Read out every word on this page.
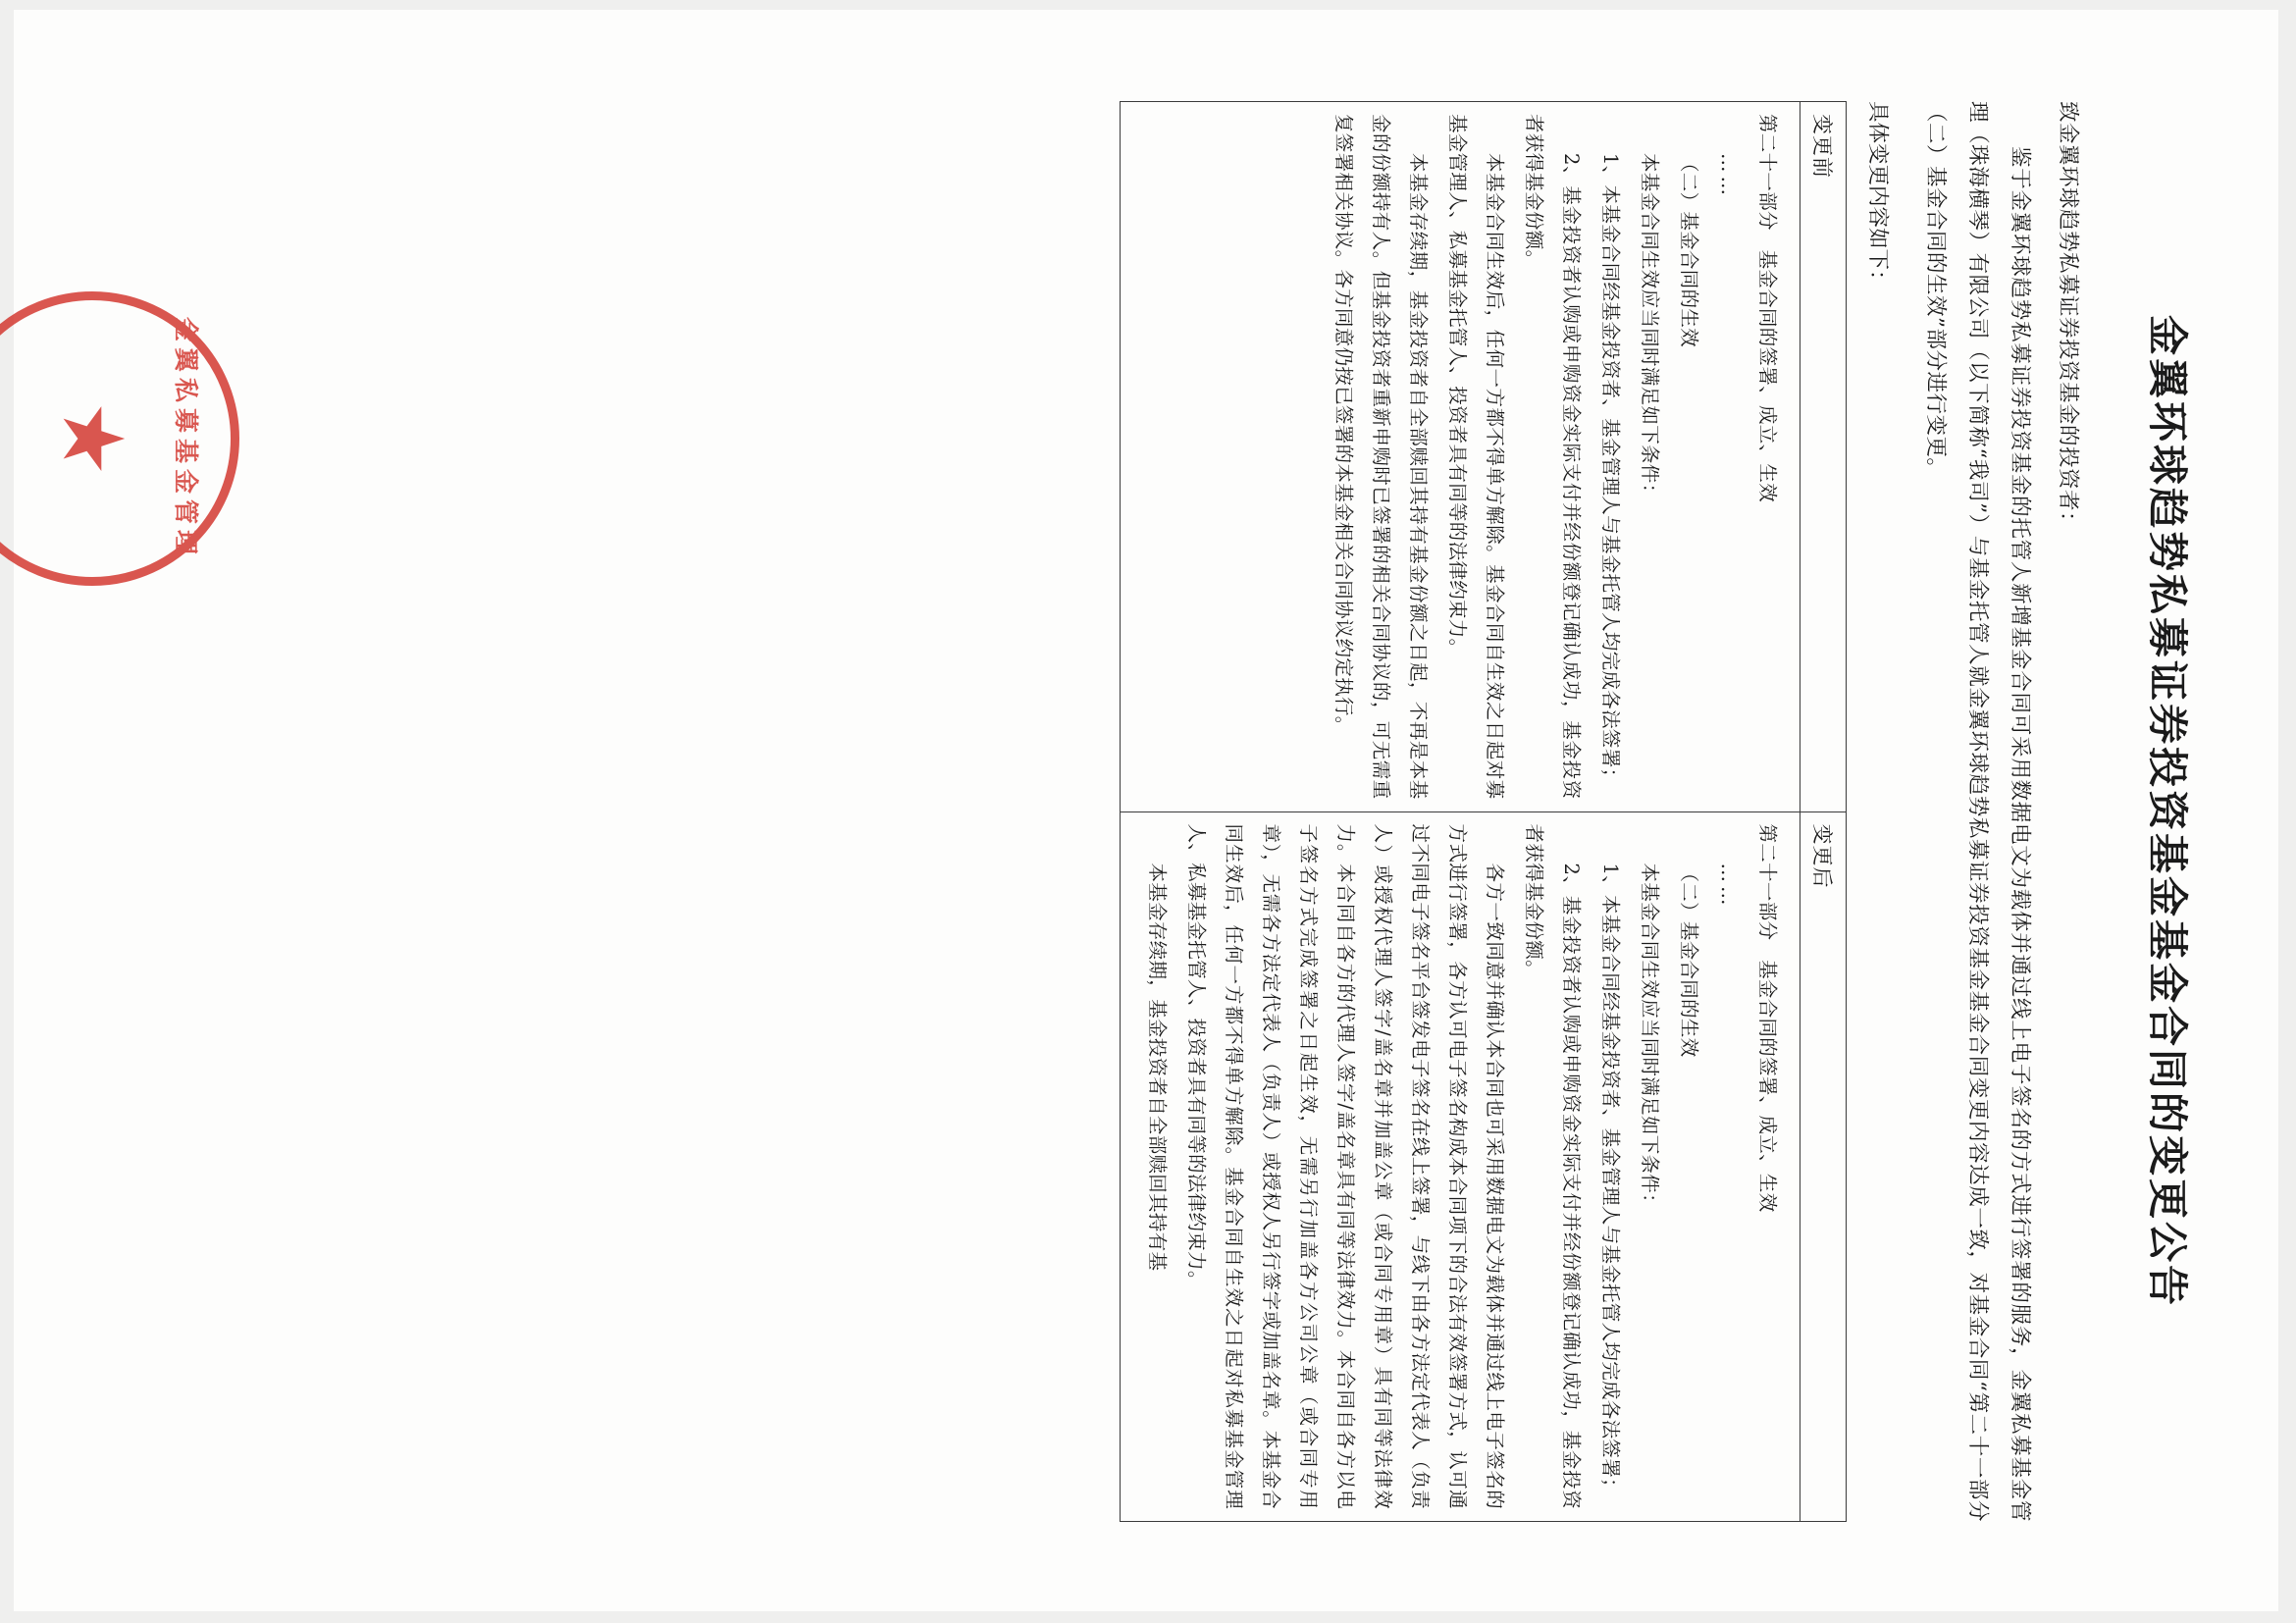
金翼环球趋势私募证券投资基金基金合同的变更公告

致金翼环球趋势私募证券投资基金的投资者：

鉴于金翼环球趋势私募证券投资基金的托管人新增基金合同可采用数据电文为载体并通过线上电子签名的方式进行签署的服务，金翼私募基金管理（珠海横琴）有限公司（以下简称“我司”）与基金托管人就金翼环球趋势私募证券投资基金基金合同变更内容达成一致，对基金合同“第二十一部分（二）基金合同的生效”部分进行变更。

具体变更内容如下：
变更前	变更后

第二十一部分　基金合同的签署、成立、生效

……

（二）基金合同的生效

本基金合同生效应当同时满足如下条件：

1、本基金合同经基金投资者、基金管理人与基金托管人均完成各法签署；

2、基金投资者认购或申购资金实际支付并经份额登记确认成功，基金投资者获得基金份额。

本基金合同生效后，任何一方都不得单方解除。基金合同自生效之日起对募基金管理人、私募基金托管人、投资者具有同等的法律约束力。

本基金存续期，基金投资者自全部赎回其持有基金份额之日起，不再是本基金的份额持有人。但基金投资者重新申购时已签署的相关合同协议的，可无需重复签署相关协议。各方同意仍按已签署的本基金相关合同协议约定执行。

第二十一部分　基金合同的签署、成立、生效

……

（二）基金合同的生效

本基金合同生效应当同时满足如下条件：

1、本基金合同经基金投资者、基金管理人与基金托管人均完成各法签署；

2、基金投资者认购或申购资金实际支付并经份额登记确认成功，基金投资者获得基金份额。

各方一致同意并确认本合同也可采用数据电文为载体并通过线上电子签名的方式进行签署，各方认可电子签名构成本合同项下的合法有效签署方式，认可通过不同电子签名平台签发电子签名在线上签署，与线下由各方法定代表人（负责人）或授权代理人签字/盖名章并加盖公章（或合同专用章）具有同等法律效力。本合同自各方的代理人签字/盖名章具有同等法律效力。本合同自各方以电子签名方式完成签署之日起生效，无需另行加盖各方公司公章（或合同专用章），无需各方法定代表人（负责人）或授权人另行签字或加盖名章。本基金合同生效后，任何一方都不得单方解除。基金合同自生效之日起对私募基金管理人、私募基金托管人、投资者具有同等的法律约束力。

本基金存续期，基金投资者自全部赎回其持有基

金翼私募基金管理
★
